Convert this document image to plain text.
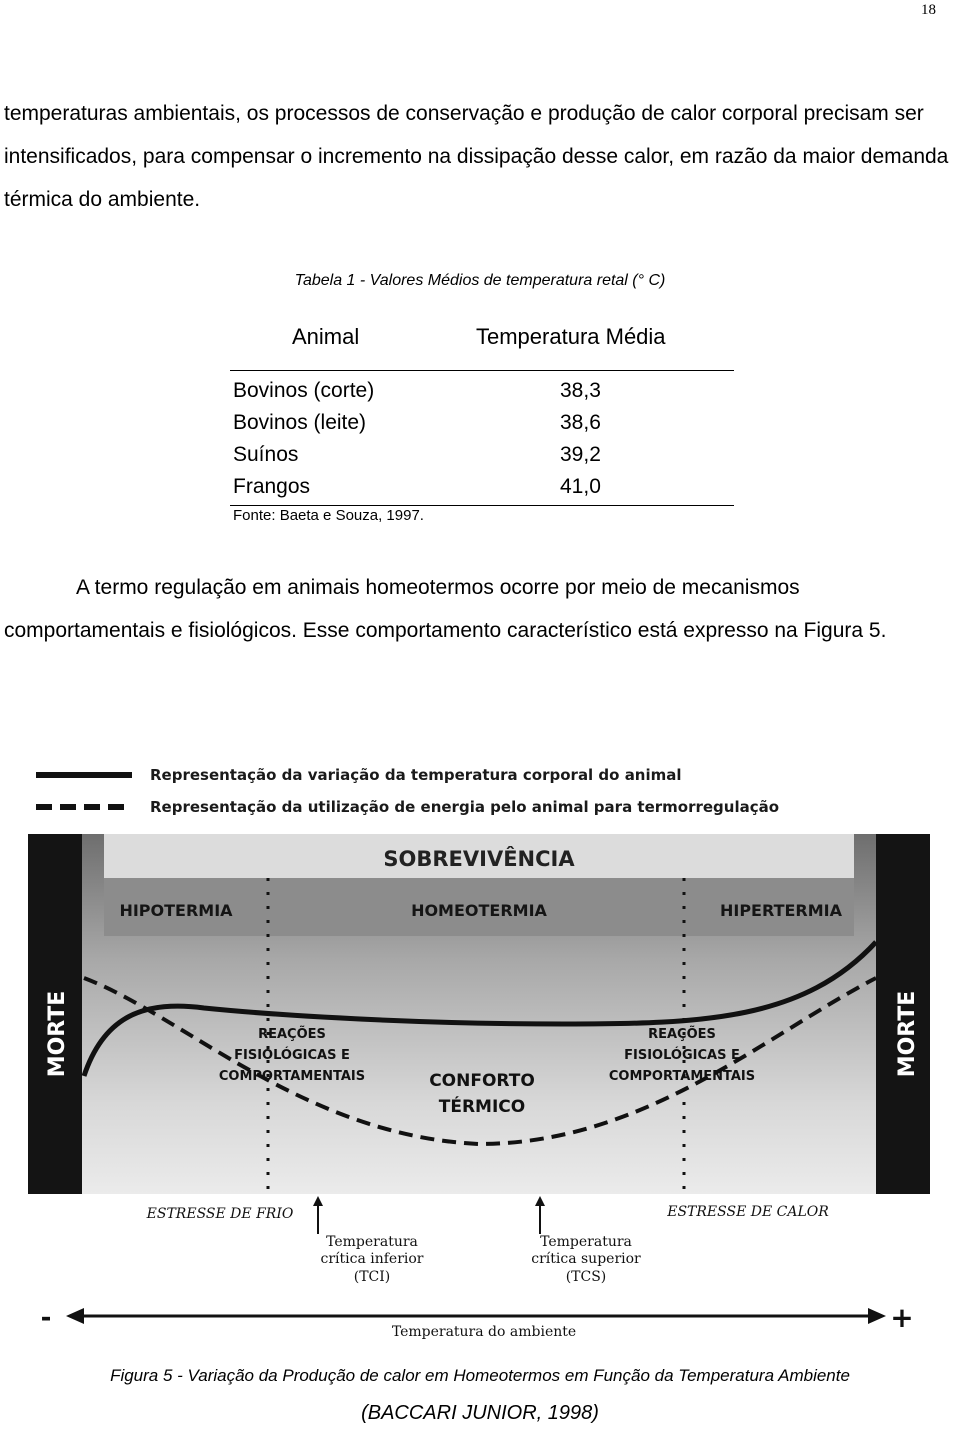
18

temperaturas ambientais, os processos de conservação e produção de calor corporal precisam ser intensificados, para compensar o incremento na dissipação desse calor, em razão da maior demanda térmica do ambiente.

Tabela 1 - Valores Médios de temperatura retal (° C)
Animal	Temperatura Média
Bovinos (corte)	38,3
Bovinos (leite)	38,6
Suínos	39,2
Frangos	41,0
Fonte: Baeta e Souza, 1997.

A termo regulação em animais homeotermos ocorre por meio de mecanismos comportamentais e fisiológicos. Esse comportamento característico está expresso na Figura 5.

Representação da variação da temperatura corporal do animal
Representação da utilização de energia pelo animal para termorregulação
SOBREVIVÊNCIA
HIPOTERMIA	HOMEOTERMIA	HIPERTERMIA
MORTE	MORTE
REAÇÕES
FISIOLÓGICAS E
COMPORTAMENTAIS
REAÇÕES
FISIOLÓGICAS E
COMPORTAMENTAIS
CONFORTO
TÉRMICO
ESTRESSE DE FRIO	ESTRESSE DE CALOR
Temperatura
crítica inferior
(TCI)
Temperatura
crítica superior
(TCS)
-	+
Temperatura do ambiente
Figura 5 - Variação da Produção de calor em Homeotermos em Função da Temperatura Ambiente
(BACCARI JUNIOR, 1998)
